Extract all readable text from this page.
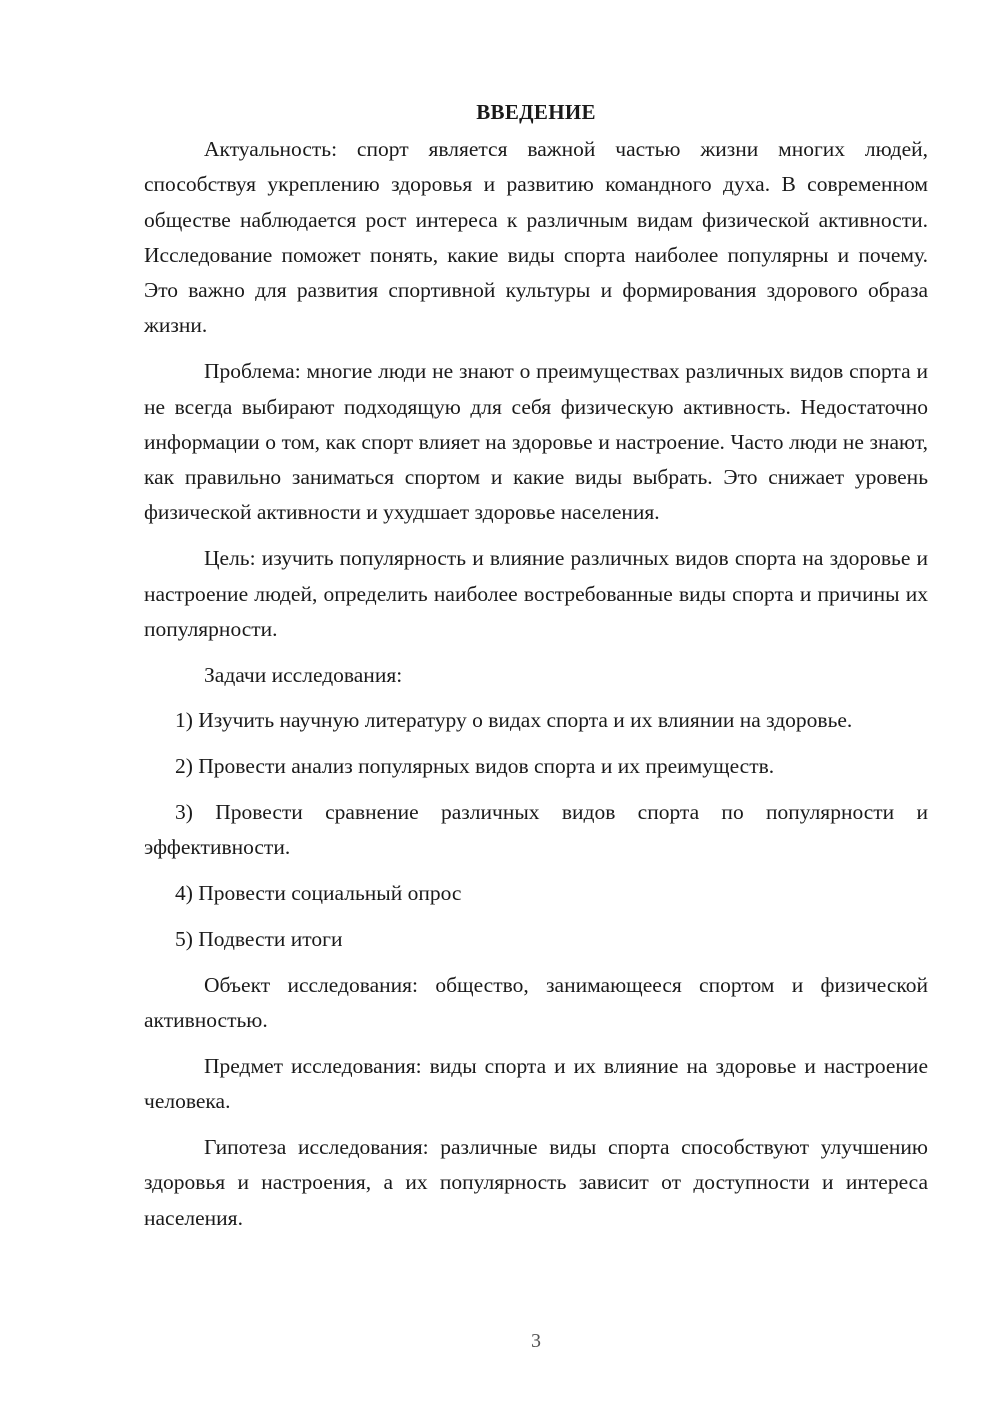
ВВЕДЕНИЕ

Актуальность: спорт является важной частью жизни многих людей, способствуя укреплению здоровья и развитию командного духа. В современном обществе наблюдается рост интереса к различным видам физической активности. Исследование поможет понять, какие виды спорта наиболее популярны и почему. Это важно для развития спортивной культуры и формирования здорового образа жизни.

Проблема: многие люди не знают о преимуществах различных видов спорта и не всегда выбирают подходящую для себя физическую активность. Недостаточно информации о том, как спорт влияет на здоровье и настроение. Часто люди не знают, как правильно заниматься спортом и какие виды выбрать. Это снижает уровень физической активности и ухудшает здоровье населения.

Цель: изучить популярность и влияние различных видов спорта на здоровье и настроение людей, определить наиболее востребованные виды спорта и причины их популярности.

Задачи исследования:

1) Изучить научную литературу о видах спорта и их влиянии на здоровье.

2) Провести анализ популярных видов спорта и их преимуществ.

3) Провести сравнение различных видов спорта по популярности и эффективности.

4) Провести социальный опрос

5) Подвести итоги

Объект исследования: общество, занимающееся спортом и физической активностью.

Предмет исследования: виды спорта и их влияние на здоровье и настроение человека.

Гипотеза исследования: различные виды спорта способствуют улучшению здоровья и настроения, а их популярность зависит от доступности и интереса населения.

3
